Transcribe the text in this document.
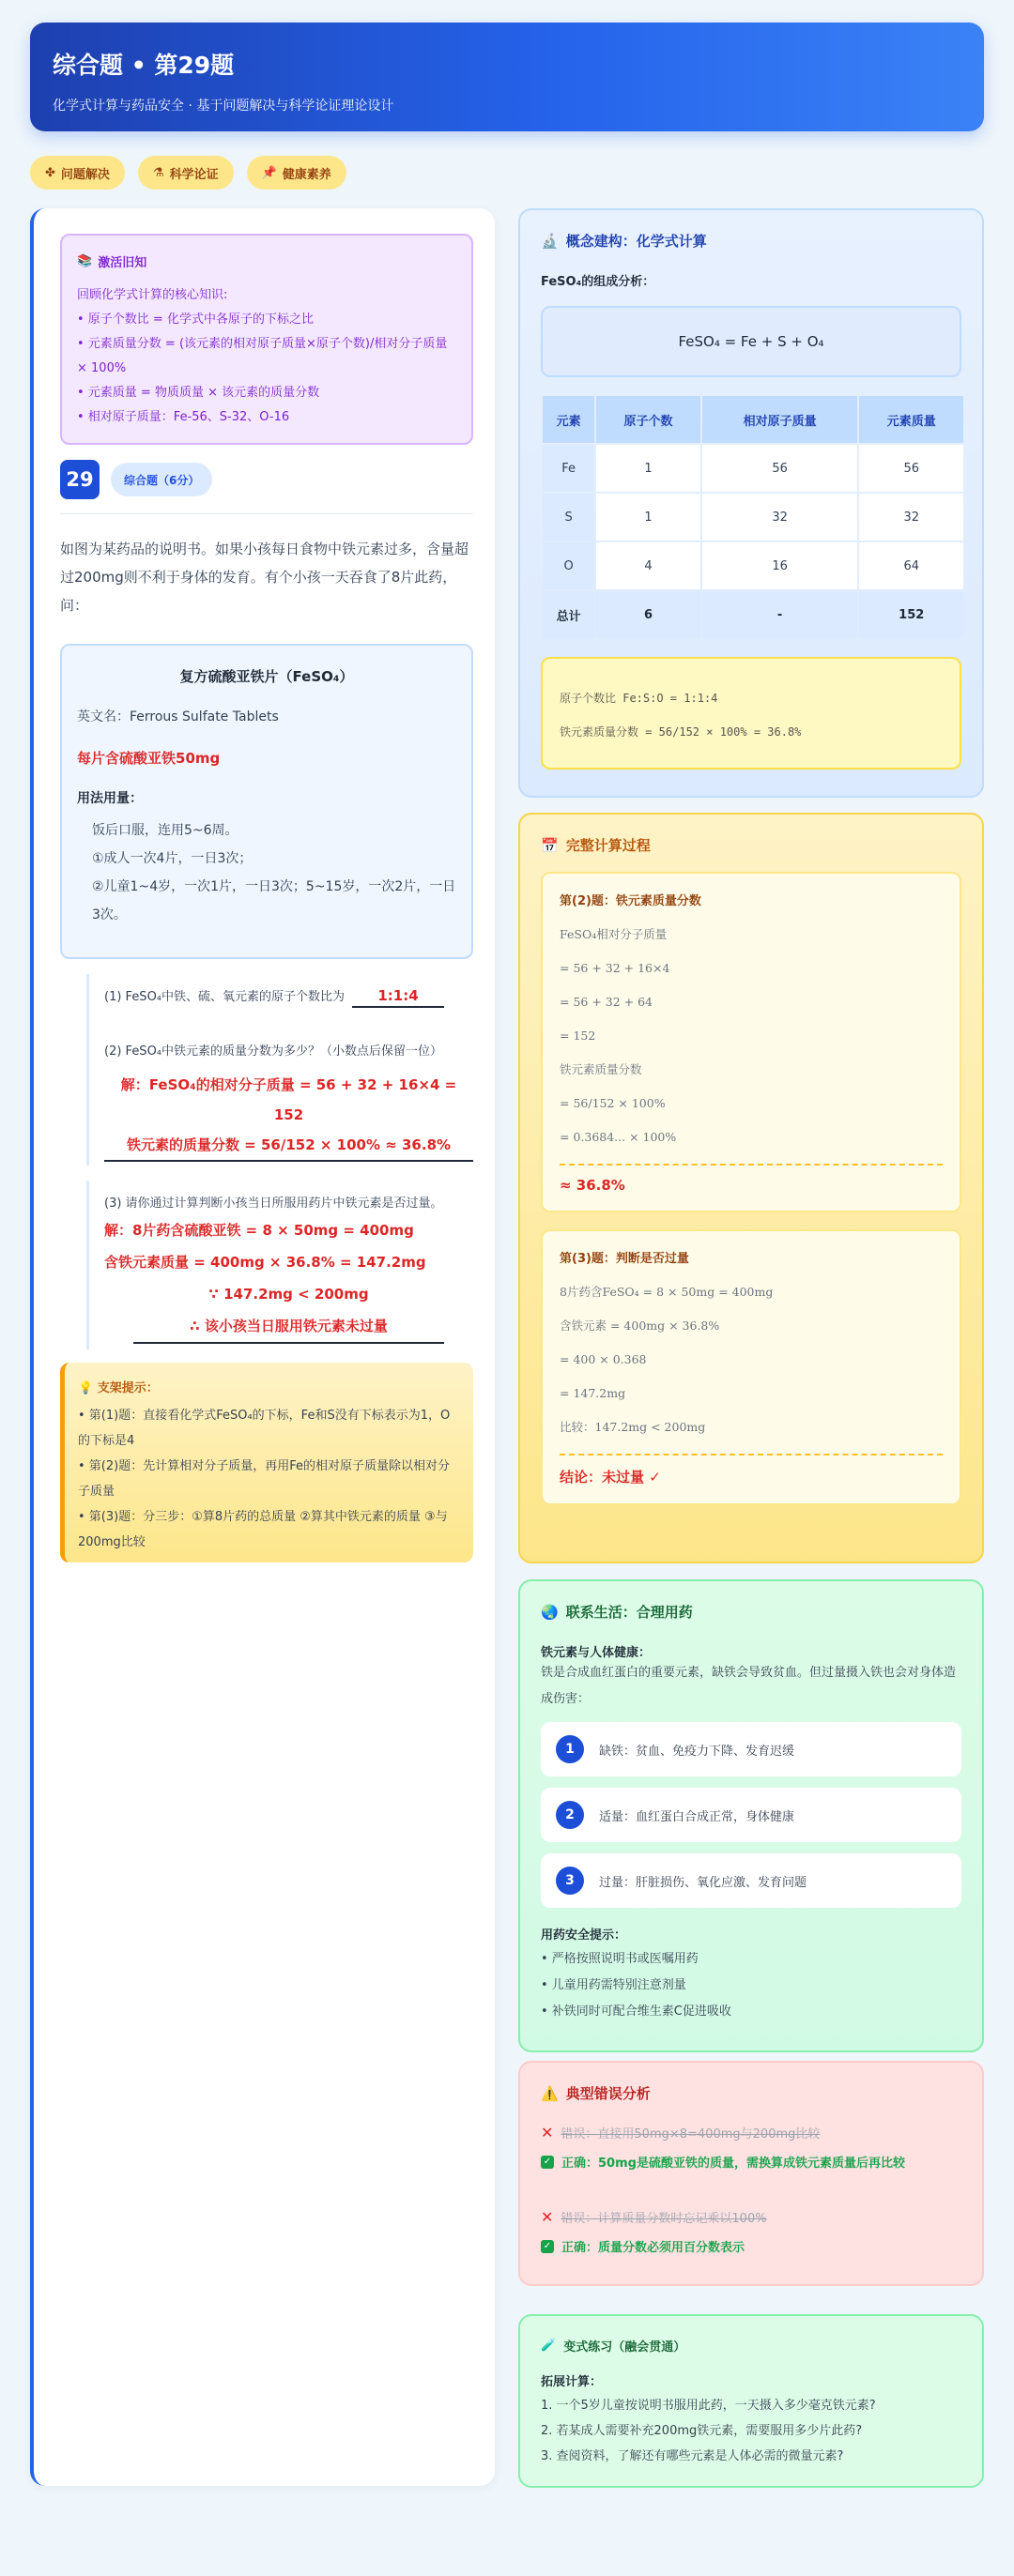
综合题 • 第29题

化学式计算与药品安全 · 基于问题解决与科学论证理论设计

✤ 问题解决	⚗ 科学论证	📌 健康素养
📚 激活旧知
回顾化学式计算的核心知识:
• 原子个数比 = 化学式中各原子的下标之比
• 元素质量分数 = (该元素的相对原子质量×原子个数)/相对分子质量 × 100%
• 元素质量 = 物质质量 × 该元素的质量分数
• 相对原子质量：Fe-56、S-32、O-16
29	综合题（6分）
如图为某药品的说明书。如果小孩每日食物中铁元素过多，含量超过200mg则不利于身体的发育。有个小孩一天吞食了8片此药，问：
复方硫酸亚铁片（FeSO₄）
英文名：Ferrous Sulfate Tablets
每片含硫酸亚铁50mg
用法用量：
饭后口服，连用5~6周。
①成人一次4片，一日3次；
②儿童1~4岁，一次1片，一日3次；5~15岁，一次2片，一日3次。
(1) FeSO₄中铁、硫、氧元素的原子个数比为	1:1:4
(2) FeSO₄中铁元素的质量分数为多少？（小数点后保留一位）
解：FeSO₄的相对分子质量 = 56 + 32 + 16×4 =
152
铁元素的质量分数 = 56/152 × 100% ≈ 36.8%
(3) 请你通过计算判断小孩当日所服用药片中铁元素是否过量。
解：8片药含硫酸亚铁 = 8 × 50mg = 400mg
含铁元素质量 = 400mg × 36.8% = 147.2mg
∵ 147.2mg < 200mg
∴ 该小孩当日服用铁元素未过量
💡 支架提示：
• 第(1)题：直接看化学式FeSO₄的下标，Fe和S没有下标表示为1，O的下标是4
• 第(2)题：先计算相对分子质量，再用Fe的相对原子质量除以相对分子质量
• 第(3)题：分三步：①算8片药的总质量 ②算其中铁元素的质量 ③与200mg比较
🔬 概念建构：化学式计算
FeSO₄的组成分析：
FeSO₄ = Fe + S + O₄
元素	原子个数	相对原子质量	元素质量
Fe	1	56	56
S	1	32	32
O	4	16	64
总计	6	-	152
原子个数比 Fe:S:O = 1:1:4
铁元素质量分数 = 56/152 × 100% = 36.8%
📅 完整计算过程
第(2)题：铁元素质量分数
FeSO₄相对分子质量
= 56 + 32 + 16×4
= 56 + 32 + 64
= 152
铁元素质量分数
= 56/152 × 100%
= 0.3684... × 100%
≈ 36.8%
第(3)题：判断是否过量
8片药含FeSO₄ = 8 × 50mg = 400mg
含铁元素 = 400mg × 36.8%
= 400 × 0.368
= 147.2mg
比较：147.2mg < 200mg
结论：未过量 ✓
🌏 联系生活：合理用药
铁元素与人体健康：
铁是合成血红蛋白的重要元素，缺铁会导致贫血。但过量摄入铁也会对身体造成伤害：
1	缺铁：贫血、免疫力下降、发育迟缓
2	适量：血红蛋白合成正常，身体健康
3	过量：肝脏损伤、氧化应激、发育问题
用药安全提示：
• 严格按照说明书或医嘱用药
• 儿童用药需特别注意剂量
• 补铁同时可配合维生素C促进吸收
⚠️ 典型错误分析
✕ 错误：直接用50mg×8=400mg与200mg比较
✓ 正确：50mg是硫酸亚铁的质量，需换算成铁元素质量后再比较
✕ 错误：计算质量分数时忘记乘以100%
✓ 正确：质量分数必须用百分数表示
🧪 变式练习（融会贯通）
拓展计算：
1. 一个5岁儿童按说明书服用此药，一天摄入多少毫克铁元素?
2. 若某成人需要补充200mg铁元素，需要服用多少片此药?
3. 查阅资料，了解还有哪些元素是人体必需的微量元素?
